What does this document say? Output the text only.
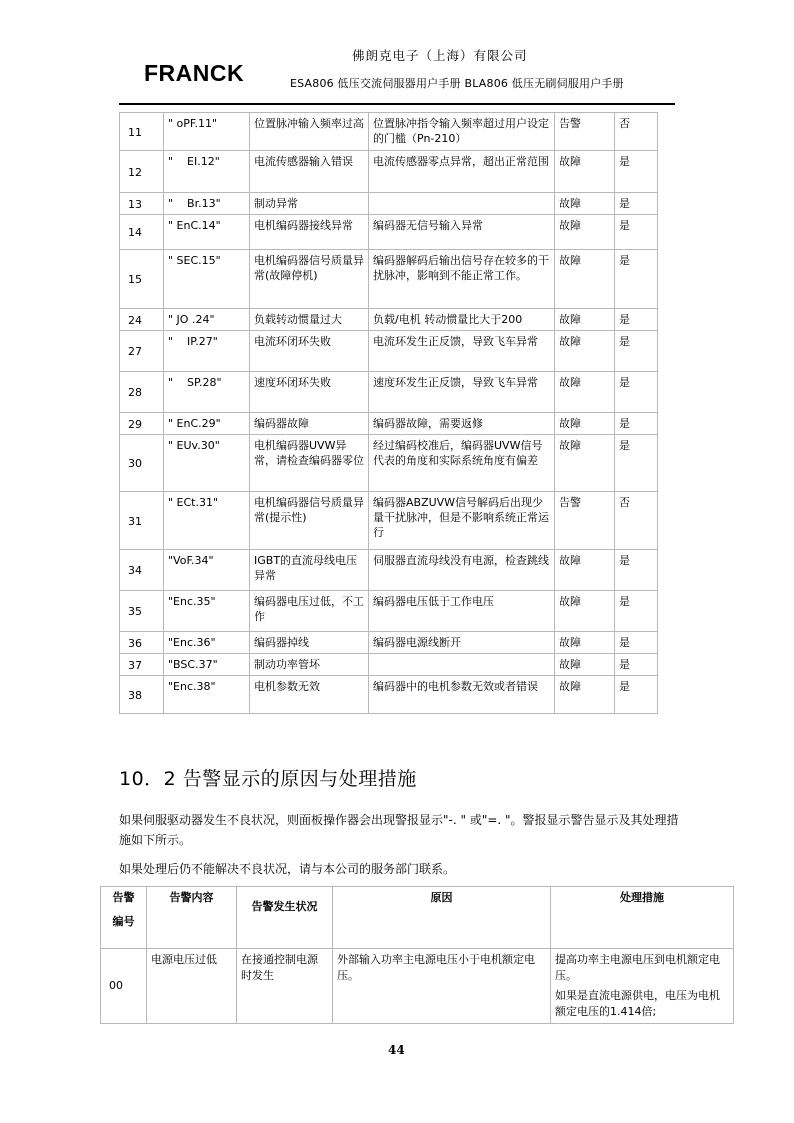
FRANCK
佛朗克电子（上海）有限公司
ESA806 低压交流伺服器用户手册 BLA806 低压无刷伺服用户手册
11	" oPF.11"	位置脉冲输入频率过高	位置脉冲指令输入频率超过用户设定的门槛（Pn-210）	告警	否
12	"    EI.12"	电流传感器输入错误	电流传感器零点异常，超出正常范围	故障	是
13	"    Br.13"	制动异常		故障	是
14	" EnC.14"	电机编码器接线异常	编码器无信号输入异常	故障	是
15	" SEC.15"	电机编码器信号质量异常(故障停机)	编码器解码后输出信号存在较多的干扰脉冲，影响到不能正常工作。	故障	是
24	" JO .24"	负载转动惯量过大	负载/电机 转动惯量比大于200	故障	是
27	"    IP.27"	电流环闭环失败	电流环发生正反馈，导致飞车异常	故障	是
28	"    SP.28"	速度环闭环失败	速度环发生正反馈，导致飞车异常	故障	是
29	" EnC.29"	编码器故障	编码器故障，需要返修	故障	是
30	" EUv.30"	电机编码器UVW异常，请检查编码器零位	经过编码校准后，编码器UVW信号代表的角度和实际系统角度有偏差	故障	是
31	" ECt.31"	电机编码器信号质量异常(提示性)	编码器ABZUVW信号解码后出现少量干扰脉冲，但是不影响系统正常运行	告警	否
34	"VoF.34"	IGBT的直流母线电压异常	伺服器直流母线没有电源，检查跳线	故障	是
35	"Enc.35"	编码器电压过低，不工作	编码器电压低于工作电压	故障	是
36	"Enc.36"	编码器掉线	编码器电源线断开	故障	是
37	"BSC.37"	制动功率管坏		故障	是
38	"Enc.38"	电机参数无效	编码器中的电机参数无效或者错误	故障	是
10．2 告警显示的原因与处理措施
如果伺服驱动器发生不良状况，则面板操作器会出现警报显示"-. " 或"=. "。警报显示警告显示及其处理措施如下所示。
如果处理后仍不能解决不良状况，请与本公司的服务部门联系。
告警
编号	告警内容	告警发生状况	原因	处理措施
00	电源电压过低	在接通控制电源时发生	外部输入功率主电源电压小于电机额定电压。	提高功率主电源电压到电机额定电压。
如果是直流电源供电，电压为电机额定电压的1.414倍;
44
